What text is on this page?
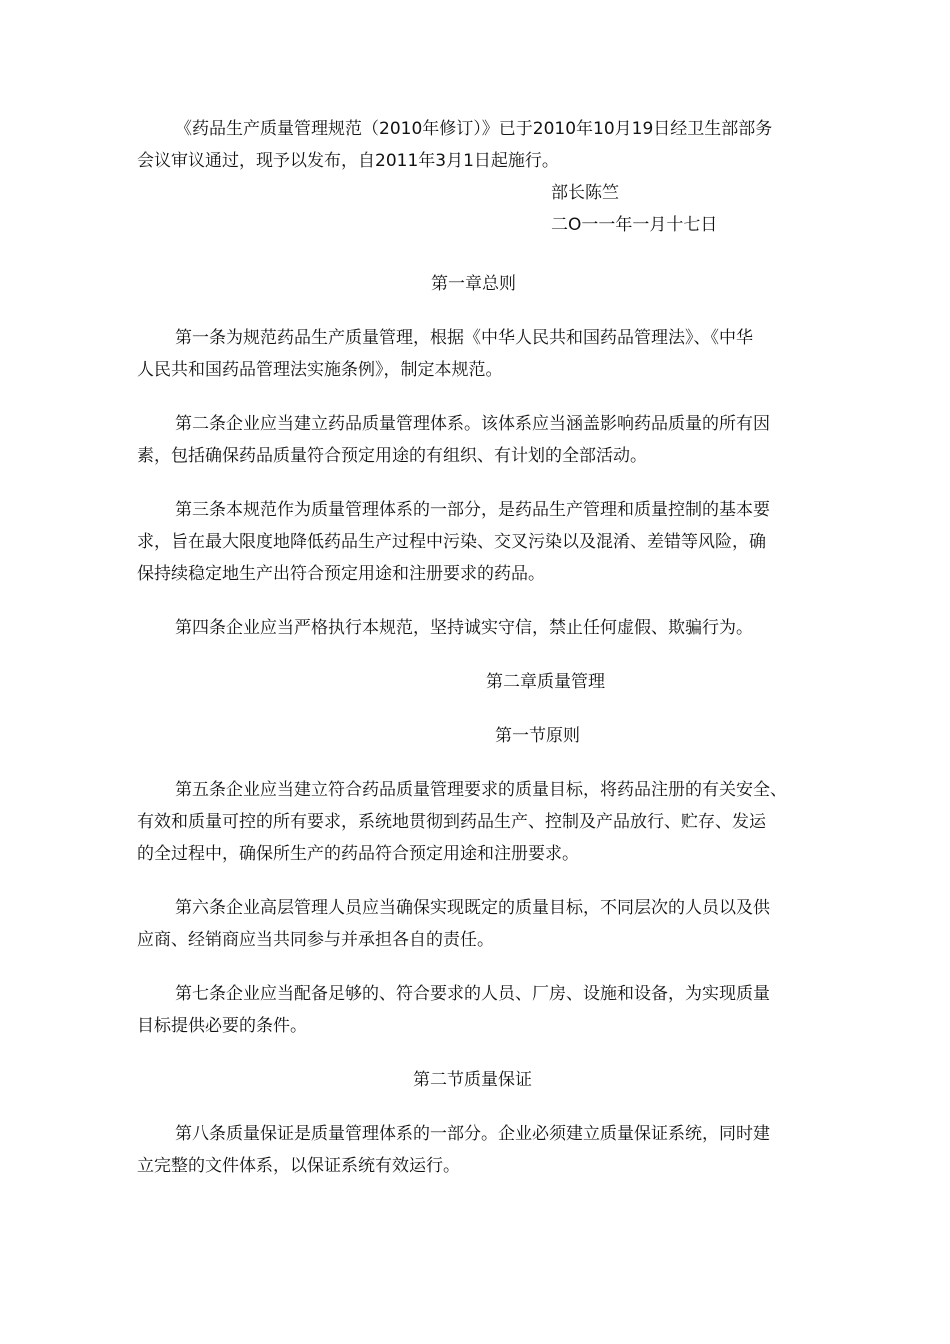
《药品生产质量管理规范（2010年修订）》已于2010年10月19日经卫生部部务
会议审议通过，现予以发布，自2011年3月1日起施行。
部长陈竺
二O一一年一月十七日
第一章总则
第一条为规范药品生产质量管理，根据《中华人民共和国药品管理法》、《中华
人民共和国药品管理法实施条例》，制定本规范。
第二条企业应当建立药品质量管理体系。该体系应当涵盖影响药品质量的所有因
素，包括确保药品质量符合预定用途的有组织、有计划的全部活动。
第三条本规范作为质量管理体系的一部分，是药品生产管理和质量控制的基本要
求，旨在最大限度地降低药品生产过程中污染、交叉污染以及混淆、差错等风险，确
保持续稳定地生产出符合预定用途和注册要求的药品。
第四条企业应当严格执行本规范，坚持诚实守信，禁止任何虚假、欺骗行为。
第二章质量管理
第一节原则
第五条企业应当建立符合药品质量管理要求的质量目标，将药品注册的有关安全、
有效和质量可控的所有要求，系统地贯彻到药品生产、控制及产品放行、贮存、发运
的全过程中，确保所生产的药品符合预定用途和注册要求。
第六条企业高层管理人员应当确保实现既定的质量目标，不同层次的人员以及供
应商、经销商应当共同参与并承担各自的责任。
第七条企业应当配备足够的、符合要求的人员、厂房、设施和设备，为实现质量
目标提供必要的条件。
第二节质量保证
第八条质量保证是质量管理体系的一部分。企业必须建立质量保证系统，同时建
立完整的文件体系，以保证系统有效运行。
